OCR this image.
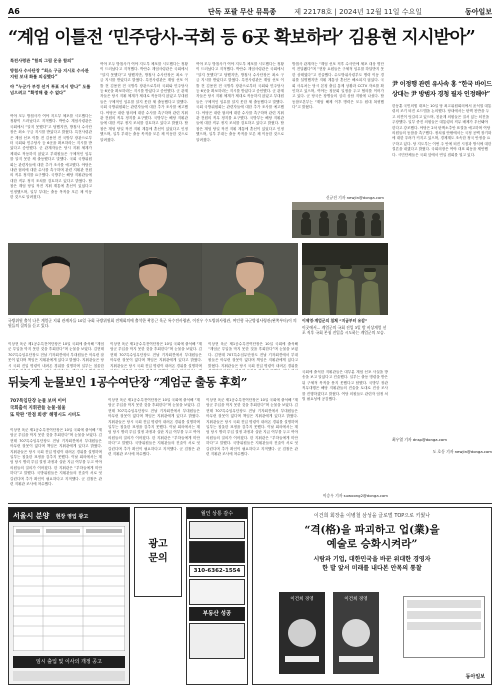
A6	단독 포괄 무산 뮤특종	제 22178호 | 2024년 12월 11일 수요일	동아일보
“계엄 이틀전 ‘민주당사-국회 등 6곳 확보하라’ 김용현 지시받아”
특전사령관 “합의 그림 운용 합의”
방첩사 수사단장 “최소 구금 지시로 수사관 지원 보내 화를 의심했다”
야 “누군가 부정 선거 투표 지시 받나” 도를 넘으려고 “확정해 줄 수 없다”
여야 모두 방첩사가 여야 지도부 체포를 시도했다는 정황이 드러났다고 지적했다. 박안수 계엄사령관은 국회에서 “알지 못했다”고 답했지만, 방첩사 수사단장은 최소 구금 지시를 받았다고 밝혔다. 특전사령관은 계엄 선포 이틀 전 김용현 전 국방부 장관으로부터 국회와 민주당사 등 6곳을 확보하라는 지시를 받았다고 증언했다. 군 관계자들은 당시 지휘 체계가 제대로 작동하지 않았고 부대원들은 구체적인 임무를 알지 못한 채 출동했다고 말했다. 국회 국방위원회는 관련자들에 대한 추가 조사를 예고했다. 야당은 내란 혐의에 대한 수사를 촉구하며 관련 지휘관 전원의 직무 정지를 요구했다. 국방부는 해당 지휘관들에 대한 직무 정지 조치를 검토하고 있다고 밝혔다. 합참은 계엄 당일 작전 지휘 계통에 혼선이 있었다고 인정했으며, 일부 부대는 출동 목적을 모른 채 이동한 것으로 알려졌다.
여야 모두 방첩사가 여야 지도부 체포를 시도했다는 정황이 드러났다고 지적했다. 박안수 계엄사령관은 국회에서 “알지 못했다”고 답했지만, 방첩사 수사단장은 최소 구금 지시를 받았다고 밝혔다. 특전사령관은 계엄 선포 이틀 전 김용현 전 국방부 장관으로부터 국회와 민주당사 등 6곳을 확보하라는 지시를 받았다고 증언했다. 군 관계자들은 당시 지휘 체계가 제대로 작동하지 않았고 부대원들은 구체적인 임무를 알지 못한 채 출동했다고 말했다. 국회 국방위원회는 관련자들에 대한 추가 조사를 예고했다. 야당은 내란 혐의에 대한 수사를 촉구하며 관련 지휘관 전원의 직무 정지를 요구했다. 국방부는 해당 지휘관들에 대한 직무 정지 조치를 검토하고 있다고 밝혔다. 합참은 계엄 당일 작전 지휘 계통에 혼선이 있었다고 인정했으며, 일부 부대는 출동 목적을 모른 채 이동한 것으로 알려졌다.
여야 모두 방첩사가 여야 지도부 체포를 시도했다는 정황이 드러났다고 지적했다. 박안수 계엄사령관은 국회에서 “알지 못했다”고 답했지만, 방첩사 수사단장은 최소 구금 지시를 받았다고 밝혔다. 특전사령관은 계엄 선포 이틀 전 김용현 전 국방부 장관으로부터 국회와 민주당사 등 6곳을 확보하라는 지시를 받았다고 증언했다. 군 관계자들은 당시 지휘 체계가 제대로 작동하지 않았고 부대원들은 구체적인 임무를 알지 못한 채 출동했다고 말했다. 국회 국방위원회는 관련자들에 대한 추가 조사를 예고했다. 야당은 내란 혐의에 대한 수사를 촉구하며 관련 지휘관 전원의 직무 정지를 요구했다. 국방부는 해당 지휘관들에 대한 직무 정지 조치를 검토하고 있다고 밝혔다. 합참은 계엄 당일 작전 지휘 계통에 혼선이 있었다고 인정했으며, 일부 부대는 출동 목적을 모른 채 이동한 것으로 알려졌다.
방첩사 관계자는 “계엄 선포 직후 수사단에 체포 대상 명단이 전달됐다”며 “현장 요원들은 구체적 임무를 하달받지 못한 상태였다”고 진술했다. 수도방위사령부도 병력 이동 경위를 설명했지만 지휘 계통상 혼선은 해소되지 않았다. 국회 사무처는 당시 본청 출입 통제 상황과 CCTV 자료를 확인하고 있으며, 여야는 청문회 일정을 두고 협의를 이어가고 있다. 군 당국은 장병들의 심리 상담 지원에 나섰다. 합동참모본부는 “계엄 해제 이후 병력은 모두 원대 복귀했다”고 밝혔다.
신규진 기자 newjin@donga.com
尹 이정행 관련 유사속 홍 “한국 바이드 상대는 尹 방범자 경청 필자 인정해야”
한동훈 국민의힘 대표는 10일 당 최고위원회의에서 윤석열 대통령의 조기 퇴진 로드맵을 논의했다. 당내에서는 탄핵 찬반을 두고 의견이 엇갈리고 있으며, 친윤계 의원들은 질서 있는 퇴진을 주장했다. 일부 중진 의원들은 대통령의 직무 배제가 우선돼야 한다고 강조했다. 야당은 2차 탄핵소추안 표결을 예고하며 여당 의원들의 동참을 촉구했다. 정치권 안팎에서는 국정 공백 장기화에 대한 우려가 커지고 있으며, 경제계도 조속한 정국 안정을 요구하고 있다. 당 지도부는 이번 주 안에 퇴진 시점과 방식에 대한 결론을 내겠다고 밝혔다. 국회의장은 여야 대표 회동을 제안했다. 시민단체들은 국회 앞에서 연일 집회를 열고 있다.
최우열 기자 dnsp@donga.com
도 호동 기자 newjin@donga.com
국방위원 출석 나온 계엄군 지휘 관계자들 10일 국회 국방위원회 전체회의에 출석한 곽종근 육군 특수전사령관, 이진우 수도방위사령관, 여인형 국군방첩사령관(왼쪽부터)이 의원들의 질의를 듣고 있다.
이제영·계엄군의 침체 “지금부터 유감”
이곳에서… 계엄군의 국회 진입 3일 밤 비상계엄 선포 직후 국회 본청 진입을 시도하는 계엄군의 모습.
이상현 육군 제1공수특전여단장은 10일 국회에 출석해 “계엄군 투입을 막지 못한 것을 후회한다”며 눈물을 보였다. 김현태 707특수임무단장도 전날 기자회견에서 부대원들은 아무런 잘못이 없다며 책임은 지휘관에게 있다고 밝혔다. 지휘관들은 당시 국회 진입 명령이 내려온 경위를 설명하며 일부는 침울한
이상현 육군 제1공수특전여단장은 10일 국회에 출석해 “계엄군 투입을 막지 못한 것을 후회한다”며 눈물을 보였다. 김현태 707특수임무단장도 전날 기자회견에서 부대원들은 아무런 잘못이 없다며 책임은 지휘관에게 있다고 밝혔다. 지휘관들은 당시 국회 진입 명령이 내려온 경위를 설명하며
이상현 육군 제1공수특전여단장은 10일 국회에 출석해 “계엄군 투입을 막지 못한 것을 후회한다”며 눈물을 보였다. 김현태 707특수임무단장도 전날 기자회견에서 부대원들은 아무런 잘못이 없다며 책임은 지휘관에게 있다고 밝혔다. 지휘관들은 당시 국회 진입 명령이 내려온 경위를
뒤늦게 눈물보인 1공수여단장 “계엄군 출동 후회”
707특임단장 눈물 보며 이어
국회출석 지휘관들 눈물·침울
또 막판 ‘만점 희생’ 해명시도 시비도
이상현 육군 제1공수특전여단장은 10일 국회에 출석해 “계엄군 투입을 막지 못한 것을 후회한다”며 눈물을 보였다. 김현태 707특수임무단장도 전날 기자회견에서 부대원들은 아무런 잘못이 없다며 책임은 지휘관에게 있다고 밝혔다. 지휘관들은 당시 국회 진입 명령이 내려온 경위를 설명하며 일부는 침울한 표정을 감추지 못했다. 이날 회의에서는 계엄 당시 병력 투입 결정 과정과 실탄 지급 여부를 두고 여야 의원들의 질의가 이어졌다. 한 지휘관은 “부하들에게 미안하다”고 말했다. 국방위원들은 지휘관들의 진술이 서로 엇갈린다며 추가 확인이 필요하다고 지적했다. 군 검찰은 관련 지휘관 조사에 착수했다.
이상현 육군 제1공수특전여단장은 10일 국회에 출석해 “계엄군 투입을 막지 못한 것을 후회한다”며 눈물을 보였다. 김현태 707특수임무단장도 전날 기자회견에서 부대원들은 아무런 잘못이 없다며 책임은 지휘관에게 있다고 밝혔다. 지휘관들은 당시 국회 진입 명령이 내려온 경위를 설명하며 일부는 침울한 표정을 감추지 못했다. 이날 회의에서는 계엄 당시 병력 투입 결정 과정과 실탄 지급 여부를 두고 여야 의원들의 질의가 이어졌다. 한 지휘관은 “부하들에게 미안하다”고 말했다. 국방위원들은 지휘관들의 진술이 서로 엇갈린다며 추가 확인이 필요하다고 지적했다. 군 검찰은 관련 지휘관 조사에 착수했다.
이상현 육군 제1공수특전여단장은 10일 국회에 출석해 “계엄군 투입을 막지 못한 것을 후회한다”며 눈물을 보였다. 김현태 707특수임무단장도 전날 기자회견에서 부대원들은 아무런 잘못이 없다며 책임은 지휘관에게 있다고 밝혔다. 지휘관들은 당시 국회 진입 명령이 내려온 경위를 설명하며 일부는 침울한 표정을 감추지 못했다. 이날 회의에서는 계엄 당시 병력 투입 결정 과정과 실탄 지급 여부를 두고 여야 의원들의 질의가 이어졌다. 한 지휘관은 “부하들에게 미안하다”고 말했다. 국방위원들은 지휘관들의 진술이 서로 엇갈린다며 추가 확인이 필요하다고 지적했다. 군 검찰은 관련 지휘관 조사에 착수했다.
국회에 출석한 지휘관들은 대부분 계엄 선포 사실을 방송을 보고 알았다고 진술했다. 일부는 출동 명령을 받은 뒤 구체적 목적을 묻지 못했다고 답했다. 국방부 장관 직무대행은 해당 지휘관들의 진술을 토대로 진상 조사를 진행하겠다고 밝혔다. 여당 의원들도 관련자 엄정 처벌 필요성에 공감했다.
이승우 기자 suwoong2@donga.com
서울시 분양 현장 영업 광고
임시 출입 및 이사의 개정 공고
광고
문의
월인 상통 감수
310-6362-1554
부동산 성공
이건희 회장을 이병철 삼성을 글로벌 TOP으로 키웠나
“격(格)을 파괴하고 업(業)을
예술로 승화시켜라”
시람과 기업, 대한민국을 바꾼 위대한 경영자
한 발 앞서 미래를 내다본 안목의 통찰
이건희 경영	이건희 경영
동아일보
